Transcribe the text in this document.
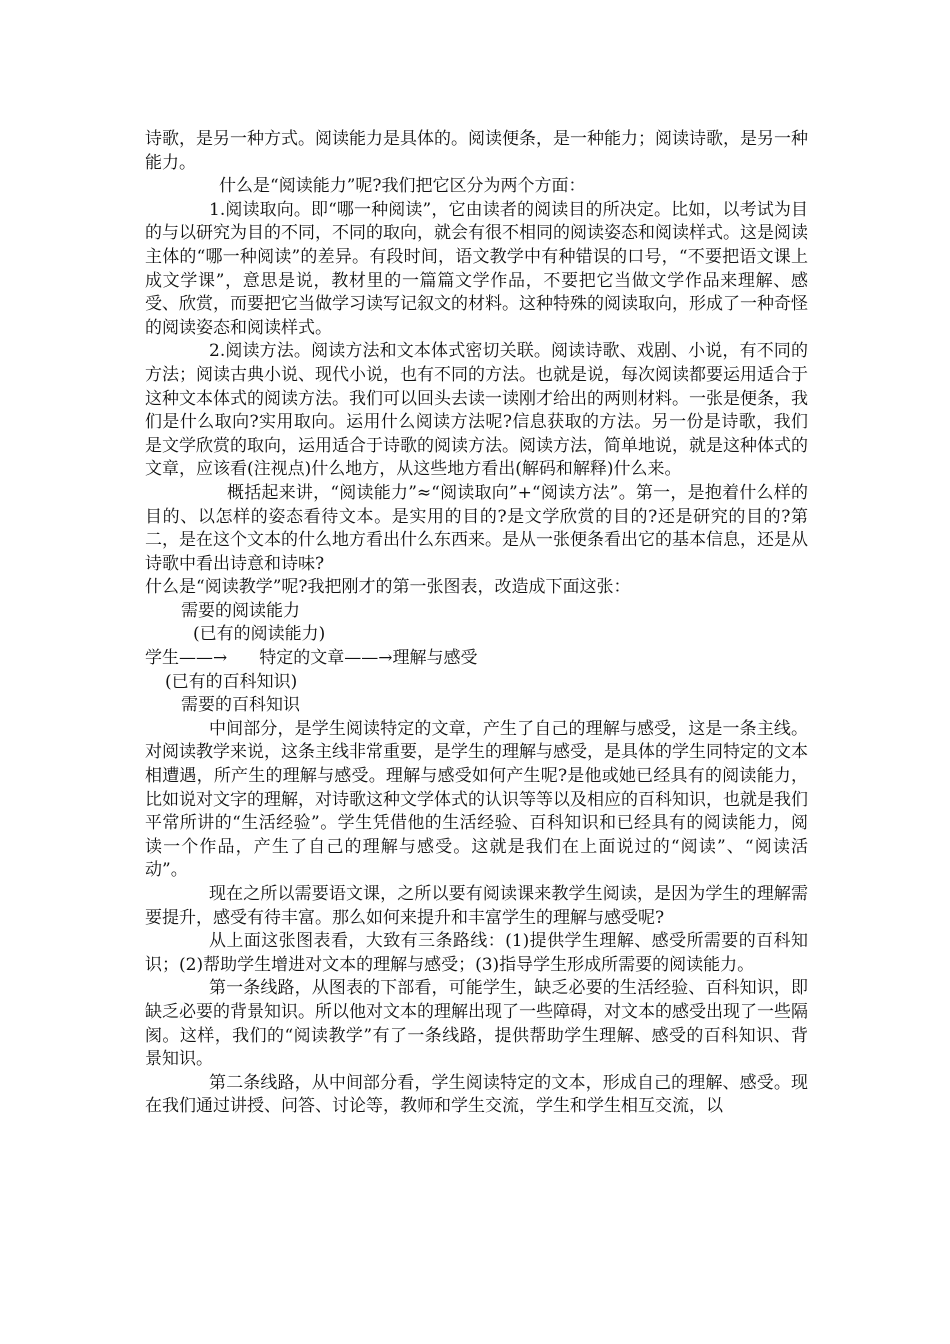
诗歌，是另一种方式。阅读能力是具体的。阅读便条，是一种能力；阅读诗歌，是另一种能力。

什么是“阅读能力”呢?我们把它区分为两个方面：

1.阅读取向。即“哪一种阅读”，它由读者的阅读目的所决定。比如，以考试为目的与以研究为目的不同，不同的取向，就会有很不相同的阅读姿态和阅读样式。这是阅读主体的“哪一种阅读”的差异。有段时间，语文教学中有种错误的口号，“不要把语文课上成文学课”，意思是说，教材里的一篇篇文学作品，不要把它当做文学作品来理解、感受、欣赏，而要把它当做学习读写记叙文的材料。这种特殊的阅读取向，形成了一种奇怪的阅读姿态和阅读样式。

2.阅读方法。阅读方法和文本体式密切关联。阅读诗歌、戏剧、小说，有不同的方法；阅读古典小说、现代小说，也有不同的方法。也就是说，每次阅读都要运用适合于这种文本体式的阅读方法。我们可以回头去读一读刚才给出的两则材料。一张是便条，我们是什么取向?实用取向。运用什么阅读方法呢?信息获取的方法。另一份是诗歌，我们是文学欣赏的取向，运用适合于诗歌的阅读方法。阅读方法，简单地说，就是这种体式的文章，应该看(注视点)什么地方，从这些地方看出(解码和解释)什么来。

概括起来讲，“阅读能力”≈“阅读取向”+“阅读方法”。第一，是抱着什么样的目的、以怎样的姿态看待文本。是实用的目的?是文学欣赏的目的?还是研究的目的?第二，是在这个文本的什么地方看出什么东西来。是从一张便条看出它的基本信息，还是从诗歌中看出诗意和诗味?

什么是“阅读教学”呢?我把刚才的第一张图表，改造成下面这张：

需要的阅读能力

(已有的阅读能力)

学生——→ 特定的文章——→理解与感受

(已有的百科知识)

需要的百科知识

中间部分，是学生阅读特定的文章，产生了自己的理解与感受，这是一条主线。对阅读教学来说，这条主线非常重要，是学生的理解与感受，是具体的学生同特定的文本相遭遇，所产生的理解与感受。理解与感受如何产生呢?是他或她已经具有的阅读能力，比如说对文字的理解，对诗歌这种文学体式的认识等等以及相应的百科知识，也就是我们平常所讲的“生活经验”。学生凭借他的生活经验、百科知识和已经具有的阅读能力，阅读一个作品，产生了自己的理解与感受。这就是我们在上面说过的“阅读”、“阅读活动”。

现在之所以需要语文课，之所以要有阅读课来教学生阅读，是因为学生的理解需要提升，感受有待丰富。那么如何来提升和丰富学生的理解与感受呢?

从上面这张图表看，大致有三条路线：(1)提供学生理解、感受所需要的百科知识；(2)帮助学生增进对文本的理解与感受；(3)指导学生形成所需要的阅读能力。

第一条线路，从图表的下部看，可能学生，缺乏必要的生活经验、百科知识，即缺乏必要的背景知识。所以他对文本的理解出现了一些障碍，对文本的感受出现了一些隔阂。这样，我们的“阅读教学”有了一条线路，提供帮助学生理解、感受的百科知识、背景知识。

第二条线路，从中间部分看，学生阅读特定的文本，形成自己的理解、感受。现在我们通过讲授、问答、讨论等，教师和学生交流，学生和学生相互交流，以
